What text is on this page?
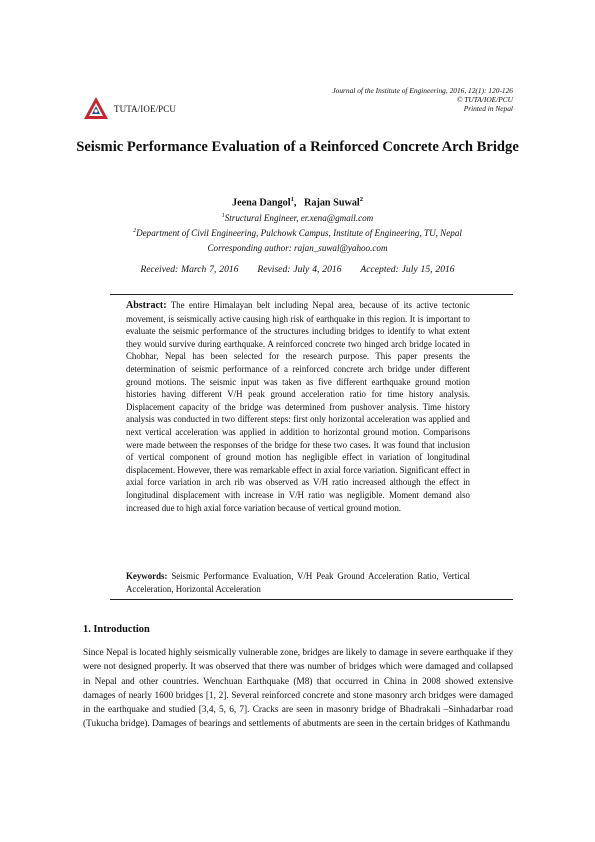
TUTA/IOE/PCU
Journal of the Institute of Engineering, 2016, 12(1): 120-126
© TUTA/IOE/PCU
Printed in Nepal
Seismic Performance Evaluation of a Reinforced Concrete Arch Bridge
Jeena Dangol$^1$,   Rajan Suwal$^2$
$^1$Structural Engineer, er.xena@gmail.com
$^2$Department of Civil Engineering, Pulchowk Campus, Institute of Engineering, TU, Nepal
Corresponding author: rajan_suwal@yahoo.com
Received: March 7, 2016 Revised: July 4, 2016 Accepted: July 15, 2016
Abstract: The entire Himalayan belt including Nepal area, because of its active tectonic movement, is seismically active causing high risk of earthquake in this region. It is important to evaluate the seismic performance of the structures including bridges to identify to what extent they would survive during earthquake. A reinforced concrete two hinged arch bridge located in Chobhar, Nepal has been selected for the research purpose. This paper presents the determination of seismic performance of a reinforced concrete arch bridge under different ground motions. The seismic input was taken as five different earthquake ground motion histories having different V/H peak ground acceleration ratio for time history analysis. Displacement capacity of the bridge was determined from pushover analysis. Time history analysis was conducted in two different steps: first only horizontal acceleration was applied and next vertical acceleration was applied in addition to horizontal ground motion. Comparisons were made between the responses of the bridge for these two cases. It was found that inclusion of vertical component of ground motion has negligible effect in variation of longitudinal displacement. However, there was remarkable effect in axial force variation. Significant effect in axial force variation in arch rib was observed as V/H ratio increased although the effect in longitudinal displacement with increase in V/H ratio was negligible. Moment demand also increased due to high axial force variation because of vertical ground motion.
Keywords: Seismic Performance Evaluation, V/H Peak Ground Acceleration Ratio, Vertical Acceleration, Horizontal Acceleration
1. Introduction
Since Nepal is located highly seismically vulnerable zone, bridges are likely to damage in severe earthquake if they were not designed properly. It was observed that there was number of bridges which were damaged and collapsed in Nepal and other countries. Wenchuan Earthquake (M8) that occurred in China in 2008 showed extensive damages of nearly 1600 bridges [1, 2]. Several reinforced concrete and stone masonry arch bridges were damaged in the earthquake and studied [3,4, 5, 6, 7]. Cracks are seen in masonry bridge of Bhadrakali –Sinhadarbar road (Tukucha bridge). Damages of bearings and settlements of abutments are seen in the certain bridges of Kathmandu
